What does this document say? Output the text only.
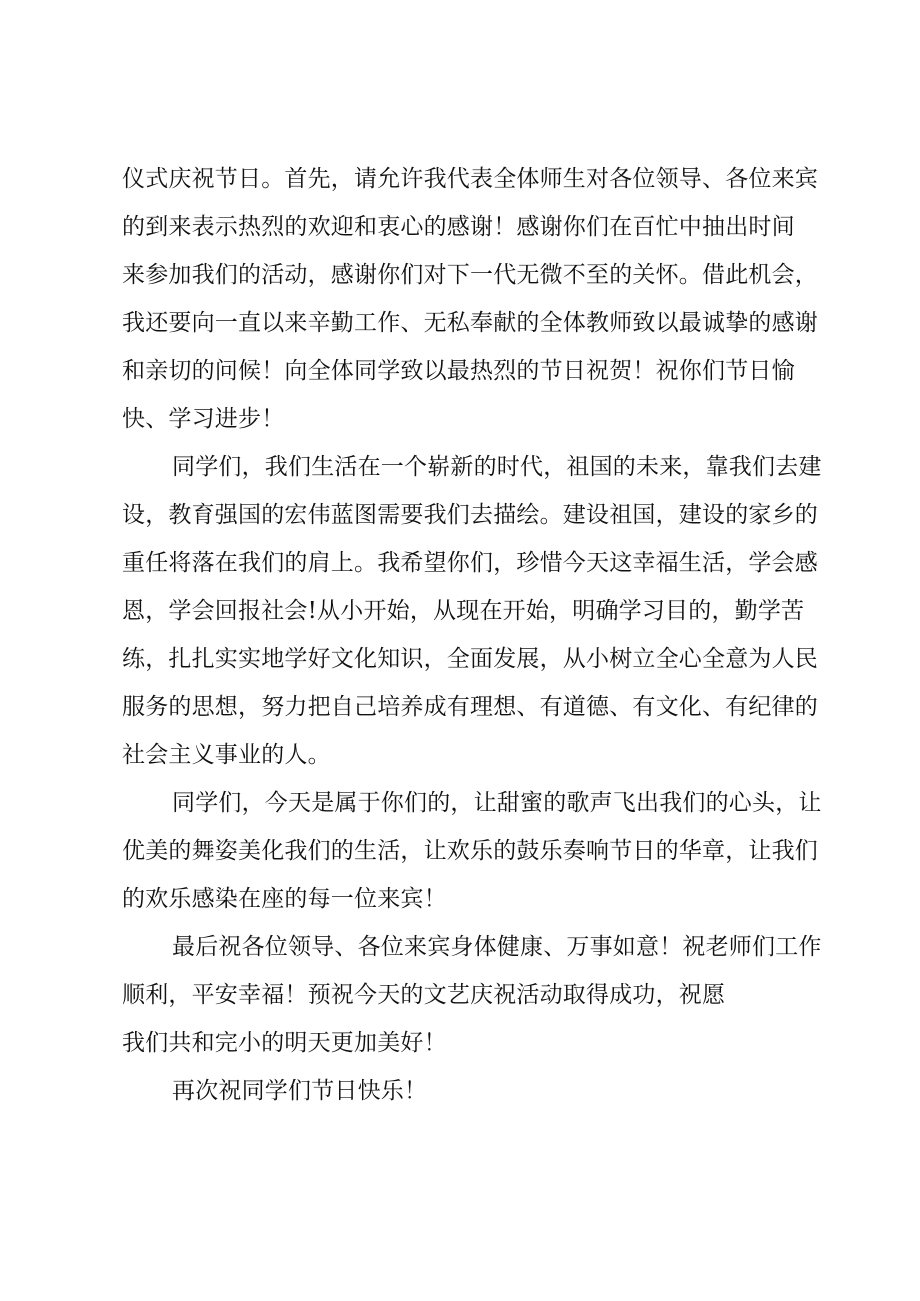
仪式庆祝节日。首先，请允许我代表全体师生对各位领导、各位来宾
的到来表示热烈的欢迎和衷心的感谢！感谢你们在百忙中抽出时间
来参加我们的活动，感谢你们对下一代无微不至的关怀。借此机会，
我还要向一直以来辛勤工作、无私奉献的全体教师致以最诚挚的感谢
和亲切的问候！向全体同学致以最热烈的节日祝贺！祝你们节日愉
快、学习进步！
同学们，我们生活在一个崭新的时代，祖国的未来，靠我们去建
设，教育强国的宏伟蓝图需要我们去描绘。建设祖国，建设的家乡的
重任将落在我们的肩上。我希望你们，珍惜今天这幸福生活，学会感
恩，学会回报社会!从小开始，从现在开始，明确学习目的，勤学苦
练，扎扎实实地学好文化知识，全面发展，从小树立全心全意为人民
服务的思想，努力把自己培养成有理想、有道德、有文化、有纪律的
社会主义事业的人。
同学们，今天是属于你们的，让甜蜜的歌声飞出我们的心头，让
优美的舞姿美化我们的生活，让欢乐的鼓乐奏响节日的华章，让我们
的欢乐感染在座的每一位来宾！
最后祝各位领导、各位来宾身体健康、万事如意！祝老师们工作
顺利，平安幸福！预祝今天的文艺庆祝活动取得成功，祝愿
我们共和完小的明天更加美好！
再次祝同学们节日快乐！
